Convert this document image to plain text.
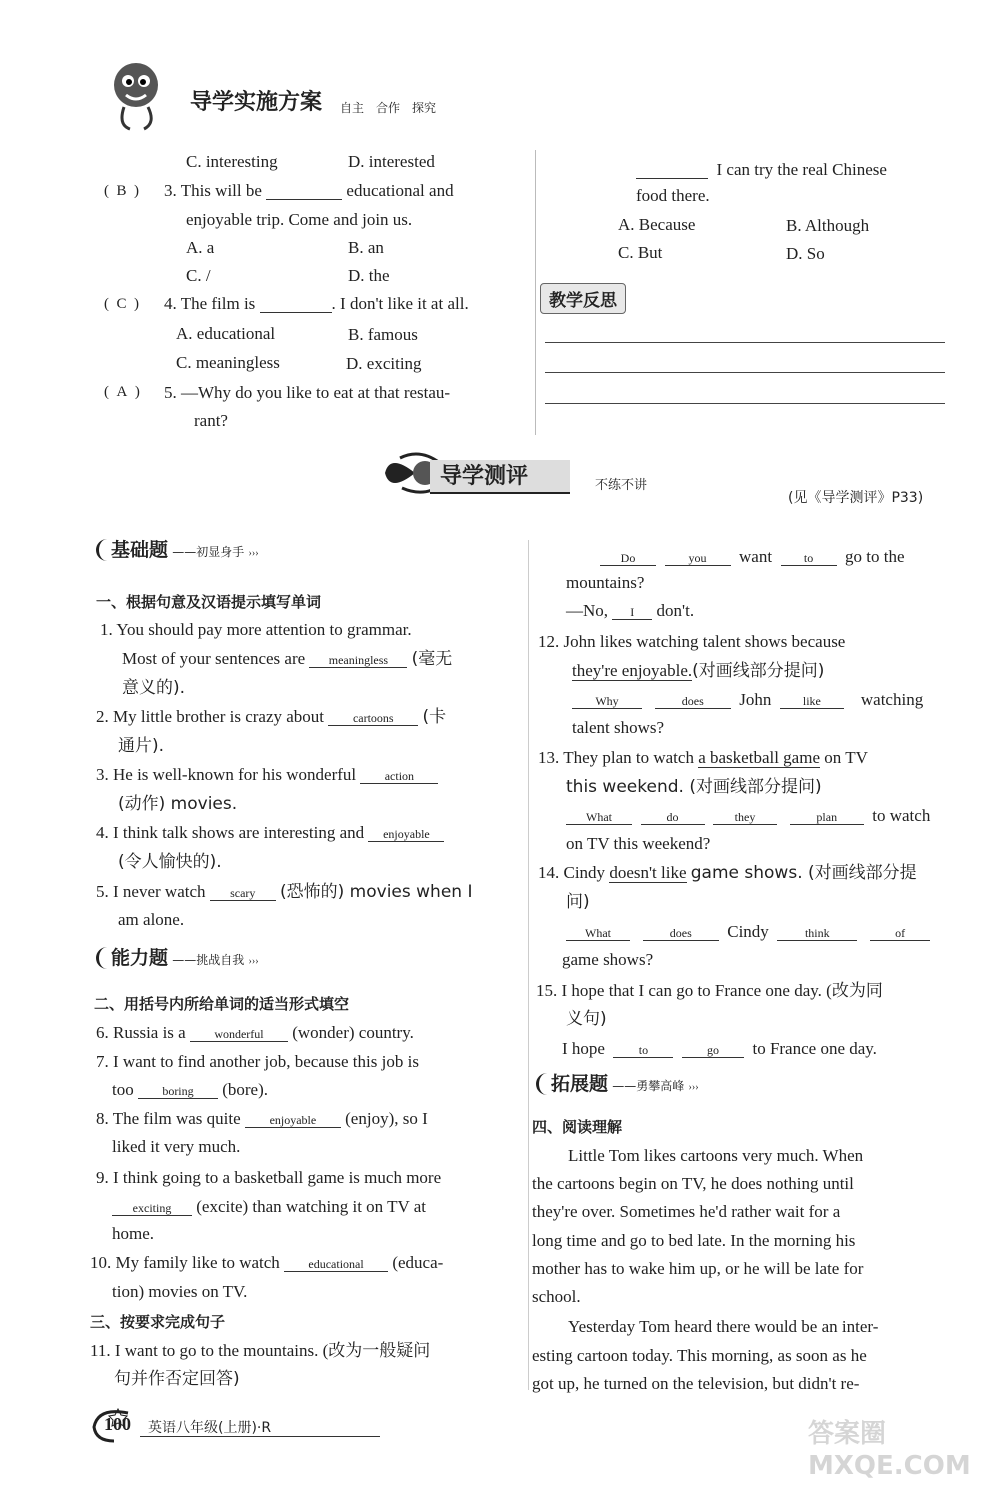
导学实施方案 自主　合作　探究
C. interesting	D. interested
(  B  ) 3. This will be	educational and
enjoyable trip. Come and join us.
A. a	B. an
C. /	D. the
(  C  ) 4. The film is	. I don't like it at all.
A. educational	B. famous
C. meaningless	D. exciting
(  A  ) 5. —Why do you like to eat at that restau-
rant?
I can try the real Chinese
food there.
A. Because	B. Although
C. But	D. So
教学反思
导学测评	不练不讲
(见《导学测评》P33)
基础题 ——初显身手 ›››
一、根据句意及汉语提示填写单词
1. You should pay more attention to grammar.
Most of your sentences are meaningless (毫无
意义的).
2. My little brother is crazy about cartoons (卡
通片).
3. He is well-known for his wonderful action
(动作) movies.
4. I think talk shows are interesting and enjoyable
(令人愉快的).
5. I never watch scary (恐怖的) movies when I
am alone.
能力题 ——挑战自我 ›››
二、用括号内所给单词的适当形式填空
6. Russia is a wonderful (wonder) country.
7. I want to find another job, because this job is
too boring (bore).
8. The film was quite enjoyable (enjoy), so I
liked it very much.
9. I think going to a basketball game is much more
exciting (excite) than watching it on TV at
home.
10. My family like to watch educational (educa-
tion) movies on TV.
三、按要求完成句子
11. I want to go to the mountains. (改为一般疑问
句并作否定回答)
Do	you want	to go to the
mountains?
—No, I don't.
12. John likes watching talent shows because
they're enjoyable.(对画线部分提问)
Why	does John	like watching
talent shows?
13. They plan to watch a basketball game on TV
this weekend. (对画线部分提问)
What	do	they	plan to watch
on TV this weekend?
14. Cindy doesn't like game shows. (对画线部分提
问)
What	does Cindy	think	of
game shows?
15. I hope that I can go to France one day. (改为同
义句)
I hope	to	go to France one day.
拓展题 ——勇攀高峰 ›››
四、阅读理解
Little Tom likes cartoons very much. When
the cartoons begin on TV, he does nothing until
they're over. Sometimes he'd rather wait for a
long time and go to bed late. In the morning his
mother has to wake him up, or he will be late for
school.
Yesterday Tom heard there would be an inter-
esting cartoon today. This morning, as soon as he
got up, he turned on the television, but didn't re-
100 英语八年级(上册)·R	答案圈 MXQE.COM
